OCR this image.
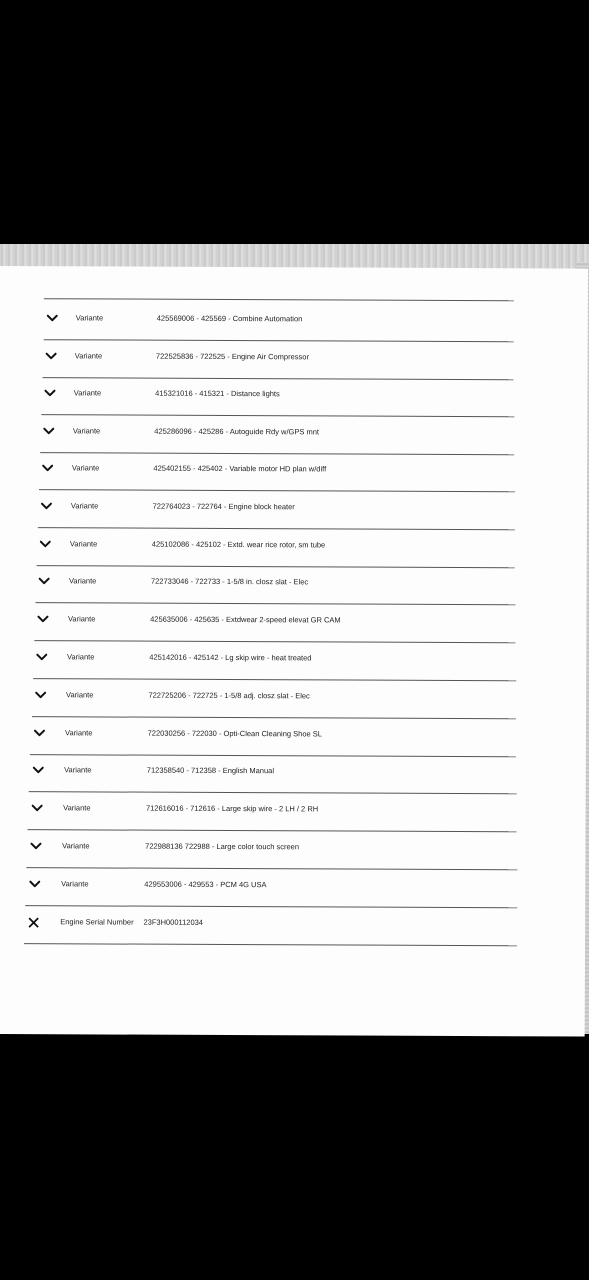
Variante	425569006 - 425569 - Combine Automation
Variante	722525836 - 722525 - Engine Air Compressor
Variante	415321016 - 415321 - Distance lights
Variante	425286096 - 425286 - Autoguide Rdy w/GPS mnt
Variante	425402155 - 425402 - Variable motor HD plan w/diff
Variante	722764023 - 722764 - Engine block heater
Variante	425102086 - 425102 - Extd. wear rice rotor, sm tube
Variante	722733046 - 722733 - 1-5/8 in. closz slat - Elec
Variante	425635006 - 425635 - Extdwear 2-speed elevat GR CAM
Variante	425142016 - 425142 - Lg skip wire - heat treated
Variante	722725206 - 722725 - 1-5/8 adj. closz slat - Elec
Variante	722030256 - 722030 - Opti-Clean Cleaning Shoe SL
Variante	712358540 - 712358 - English Manual
Variante	712616016 - 712616 - Large skip wire - 2 LH / 2 RH
Variante	722988136 722988 - Large color touch screen
Variante	429553006 - 429553 - PCM 4G USA
Engine Serial Number 23F3H000112034
